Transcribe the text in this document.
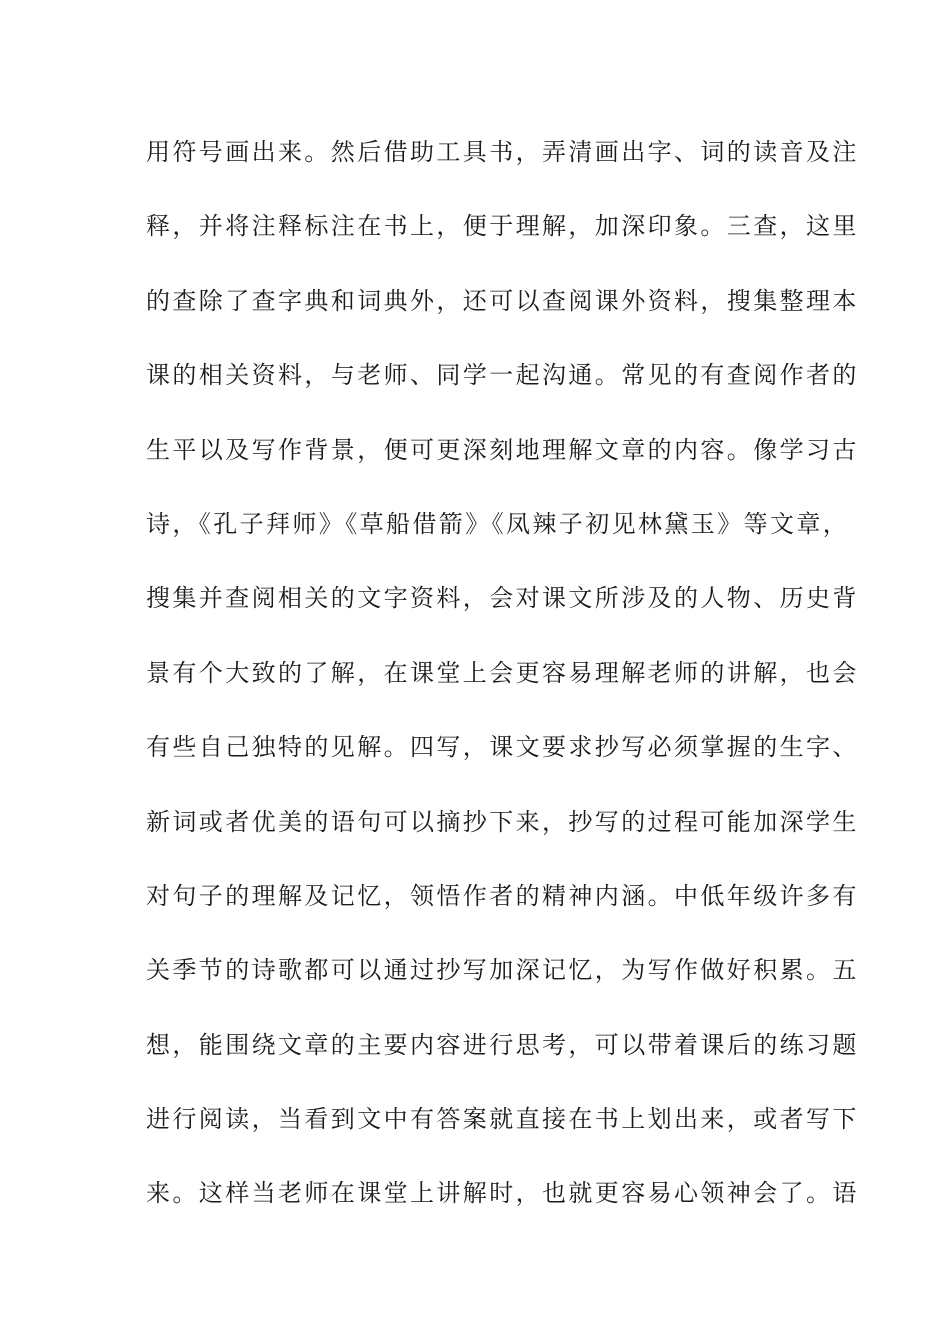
用符号画出来。然后借助工具书，弄清画出字、词的读音及注
释，并将注释标注在书上，便于理解，加深印象。三查，这里
的查除了查字典和词典外，还可以查阅课外资料，搜集整理本
课的相关资料，与老师、同学一起沟通。常见的有查阅作者的
生平以及写作背景，便可更深刻地理解文章的内容。像学习古
诗，《孔子拜师》《草船借箭》《凤辣子初见林黛玉》等文章，
搜集并查阅相关的文字资料，会对课文所涉及的人物、历史背
景有个大致的了解，在课堂上会更容易理解老师的讲解，也会
有些自己独特的见解。四写，课文要求抄写必须掌握的生字、
新词或者优美的语句可以摘抄下来，抄写的过程可能加深学生
对句子的理解及记忆，领悟作者的精神内涵。中低年级许多有
关季节的诗歌都可以通过抄写加深记忆，为写作做好积累。五
想，能围绕文章的主要内容进行思考，可以带着课后的练习题
进行阅读，当看到文中有答案就直接在书上划出来，或者写下
来。这样当老师在课堂上讲解时，也就更容易心领神会了。语
